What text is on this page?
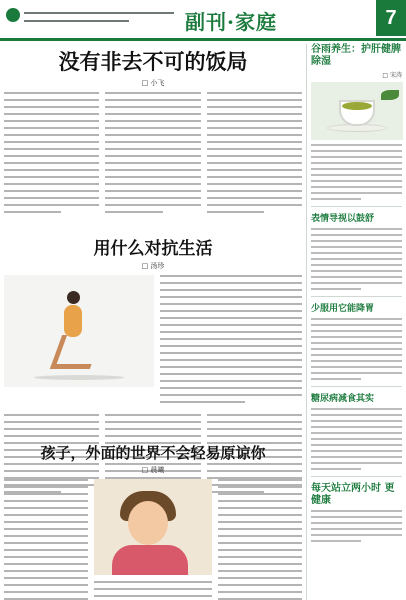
副刊·家庭	7
没有非去不可的饭局
□ 小飞
用什么对抗生活
□ 汤珍
孩子，外面的世界不会轻易原谅你
□ 晨曦
谷雨养生：护肝健脾除湿
□ 宋涛
表情导视以鼓舒
少服用它能降胃
糖尿病减食其实
每天站立两小时 更健康
